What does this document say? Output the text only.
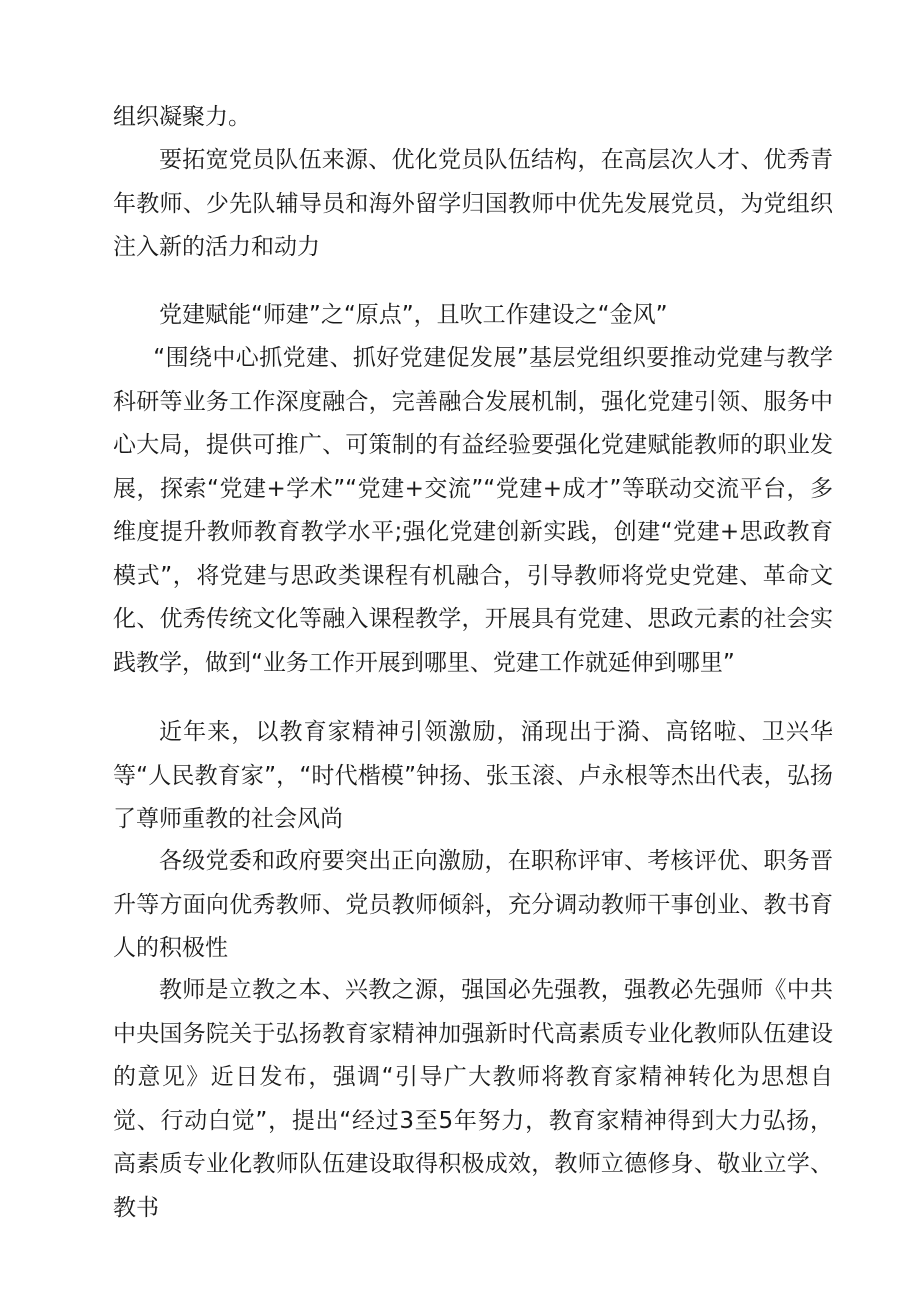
组织凝聚力。

要拓宽党员队伍来源、优化党员队伍结构，在高层次人才、优秀青年教师、少先队辅导员和海外留学归国教师中优先发展党员，为党组织注入新的活力和动力

党建赋能“师建”之“原点”，且吹工作建设之“金风”

“围绕中心抓党建、抓好党建促发展”基层党组织要推动党建与教学科研等业务工作深度融合，完善融合发展机制，强化党建引领、服务中心大局，提供可推广、可策制的有益经验要强化党建赋能教师的职业发展，探索“党建+学术”“党建+交流”“党建+成才”等联动交流平台，多维度提升教师教育教学水平;强化党建创新实践，创建“党建+思政教育模式”，将党建与思政类课程有机融合，引导教师将党史党建、革命文化、优秀传统文化等融入课程教学，开展具有党建、思政元素的社会实践教学，做到“业务工作开展到哪里、党建工作就延伸到哪里”

近年来，以教育家精神引领激励，涌现出于漪、高铭啦、卫兴华等“人民教育家”，“时代楷模”钟扬、张玉滚、卢永根等杰出代表，弘扬了尊师重教的社会风尚

各级党委和政府要突出正向激励，在职称评审、考核评优、职务晋升等方面向优秀教师、党员教师倾斜，充分调动教师干事创业、教书育人的积极性

教师是立教之本、兴教之源，强国必先强教，强教必先强师《中共中央国务院关于弘扬教育家精神加强新时代高素质专业化教师队伍建设的意见》近日发布，强调“引导广大教师将教育家精神转化为思想自觉、行动白觉”，提出“经过3至5年努力，教育家精神得到大力弘扬，高素质专业化教师队伍建设取得积极成效，教师立德修身、敬业立学、教书
